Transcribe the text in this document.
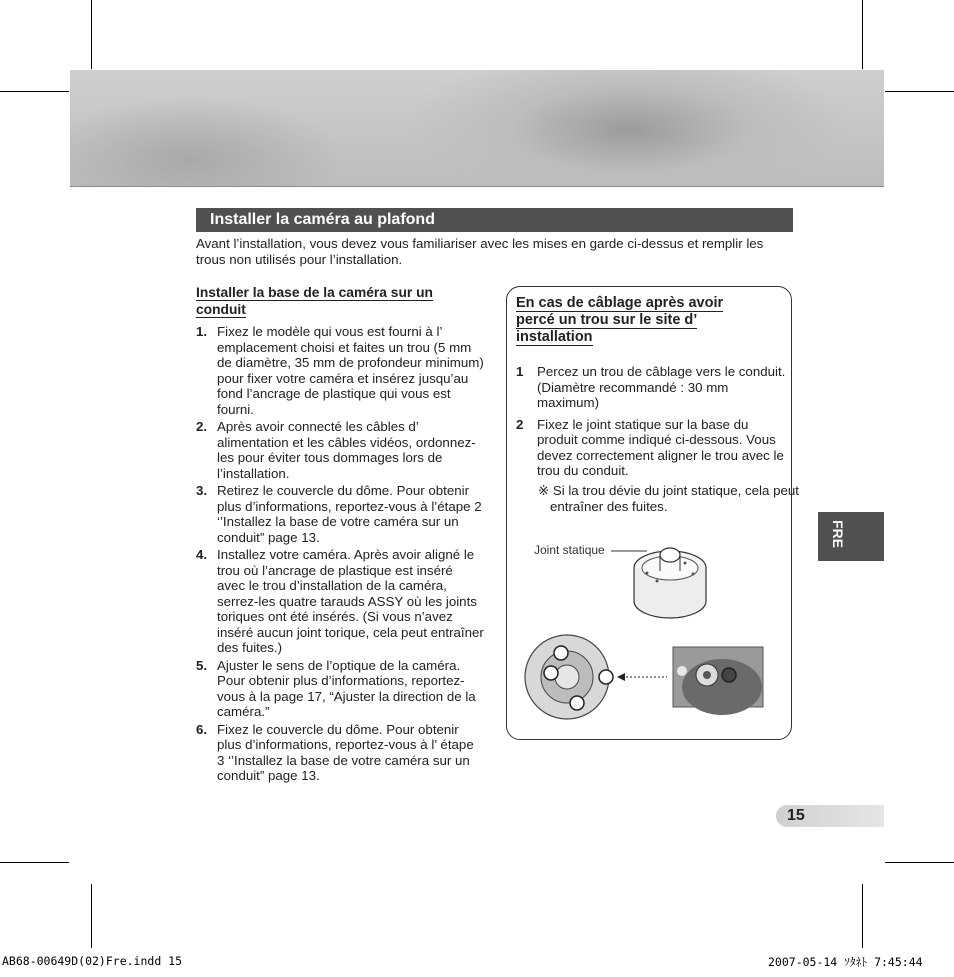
Installer la caméra au plafond

Avant l’installation, vous devez vous familiariser avec les mises en garde ci-dessus et remplir les trous non utilisés pour l’installation.

Installer la base de la caméra sur un conduit
1. Fixez le modèle qui vous est fourni à l’ emplacement choisi et faites un trou (5 mm de diamètre, 35 mm de profondeur minimum) pour fixer votre caméra et insérez jusqu’au fond l’ancrage de plastique qui vous est fourni.
2. Après avoir connecté les câbles d’ alimentation et les câbles vidéos, ordonnez-les pour éviter tous dommages lors de l’installation.
3. Retirez le couvercle du dôme. Pour obtenir plus d’informations, reportez-vous à l’étape 2 ‘’Installez la base de votre caméra sur un conduit” page 13.
4. Installez votre caméra. Après avoir aligné le trou où l’ancrage de plastique est inséré avec le trou d’installation de la caméra, serrez-les quatre tarauds ASSY où les joints toriques ont été insérés. (Si vous n’avez inséré aucun joint torique, cela peut entraîner des fuites.)
5. Ajuster le sens de l’optique de la caméra. Pour obtenir plus d’informations, reportez-vous à la page 17, “Ajuster la direction de la caméra.”
6. Fixez le couvercle du dôme. Pour obtenir plus d’informations, reportez-vous à l’ étape 3 ‘’Installez la base de votre caméra sur un conduit” page 13.
En cas de câblage après avoir percé un trou sur le site d’ installation
1 Percez un trou de câblage vers le conduit. (Diamètre recommandé : 30 mm maximum)
2 Fixez le joint statique sur la base du produit comme indiqué ci-dessous. Vous devez correctement aligner le trou avec le trou du conduit.

※ Si la trou dévie du joint statique, cela peut entraîner des fuites.

Joint statique
FRE
15
AB68-00649D(02)Fre.indd 15	2007-05-14 ｿﾀﾈﾄ 7:45:44
